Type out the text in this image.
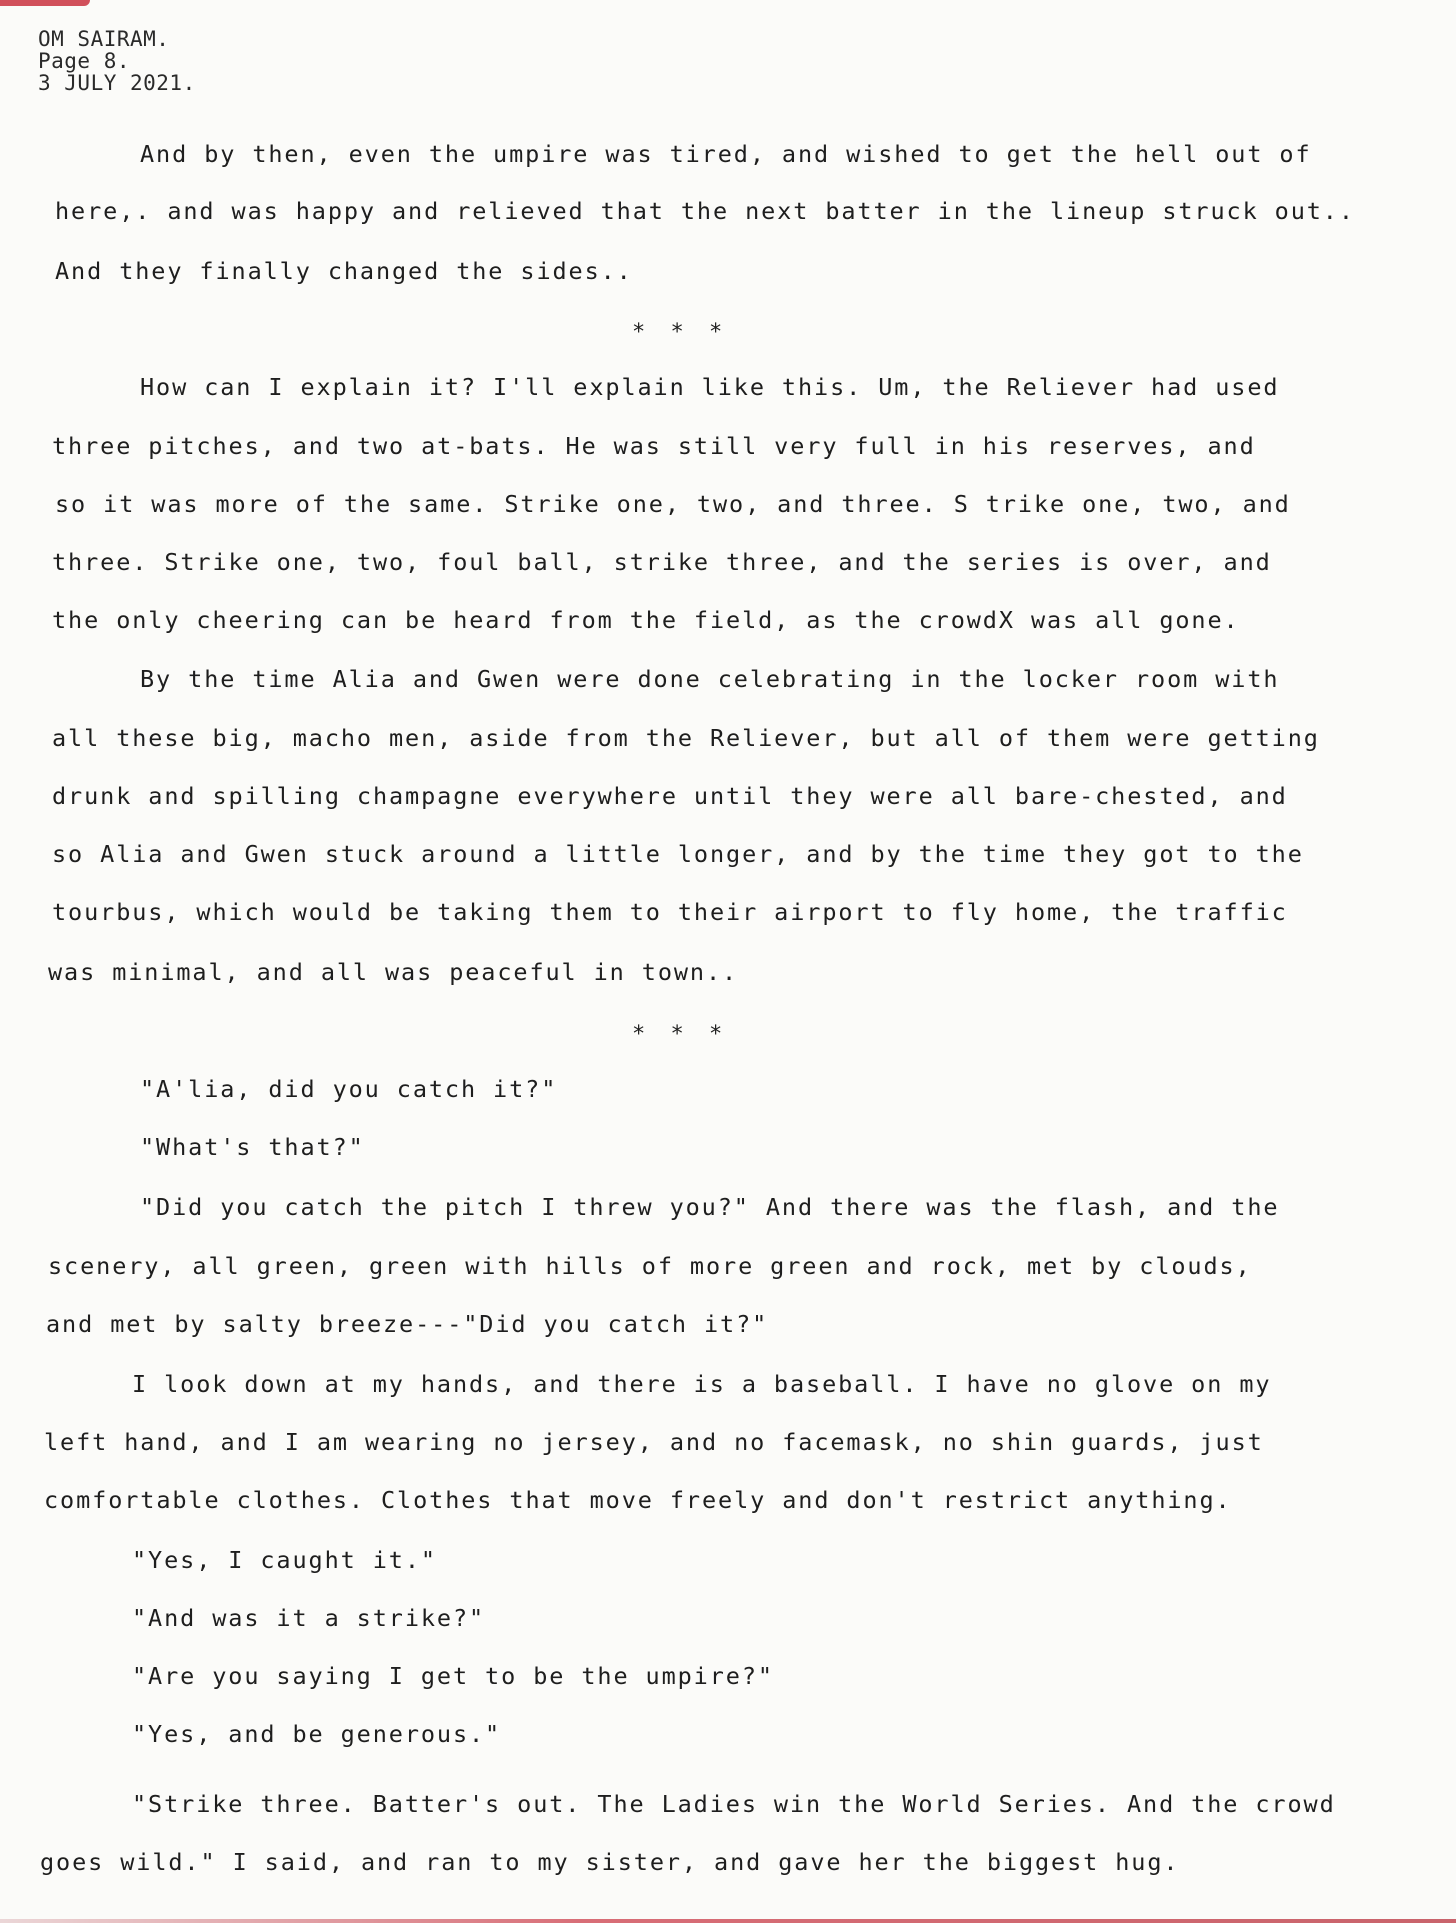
OM SAIRAM.
Page 8.
3 JULY 2021.
And by then, even the umpire was tired, and wished to get the hell out of
here,. and was happy and relieved that the next batter in the lineup struck out..
And they finally changed the sides..
* * *
How can I explain it? I'll explain like this. Um, the Reliever had used
three pitches, and two at-bats. He was still very full in his reserves, and
so it was more of the same. Strike one, two, and three. S trike one, two, and
three. Strike one, two, foul ball, strike three, and the series is over, and
the only cheering can be heard from the field, as the crowdX was all gone.
By the time Alia and Gwen were done celebrating in the locker room with
all these big, macho men, aside from the Reliever, but all of them were getting
drunk and spilling champagne everywhere until they were all bare-chested, and
so Alia and Gwen stuck around a little longer, and by the time they got to the
tourbus, which would be taking them to their airport to fly home, the traffic
was minimal, and all was peaceful in town..
* * *
"A'lia, did you catch it?"
"What's that?"
"Did you catch the pitch I threw you?" And there was the flash, and the
scenery, all green, green with hills of more green and rock, met by clouds,
and met by salty breeze---"Did you catch it?"
I look down at my hands, and there is a baseball. I have no glove on my
left hand, and I am wearing no jersey, and no facemask, no shin guards, just
comfortable clothes. Clothes that move freely and don't restrict anything.
"Yes, I caught it."
"And was it a strike?"
"Are you saying I get to be the umpire?"
"Yes, and be generous."
"Strike three. Batter's out. The Ladies win the World Series. And the crowd
goes wild." I said, and ran to my sister, and gave her the biggest hug.
